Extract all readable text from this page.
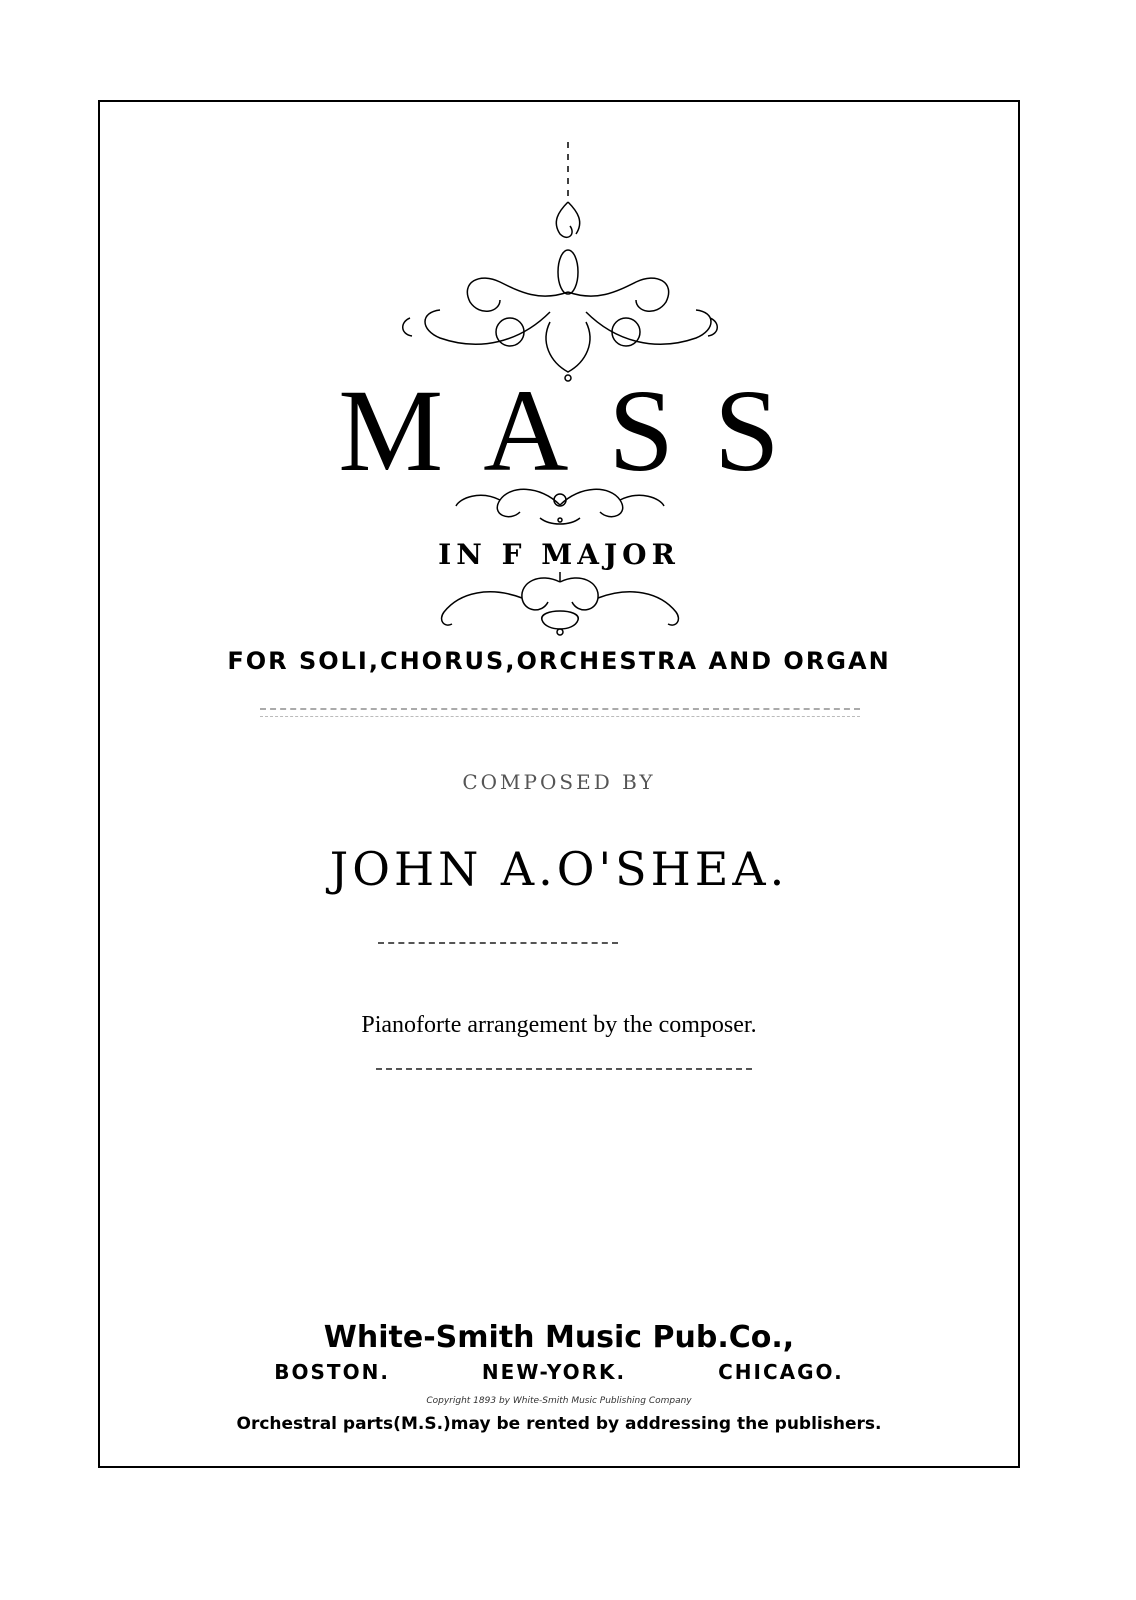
MASS
IN F MAJOR
FOR SOLI,CHORUS,ORCHESTRA AND ORGAN
COMPOSED BY
JOHN A.O'SHEA.
Pianoforte arrangement by the composer.
White-Smith Music Pub.Co.,
BOSTON.	NEW-YORK.	CHICAGO.
Copyright 1893 by White-Smith Music Publishing Company
Orchestral parts(M.S.)may be rented by addressing the publishers.
